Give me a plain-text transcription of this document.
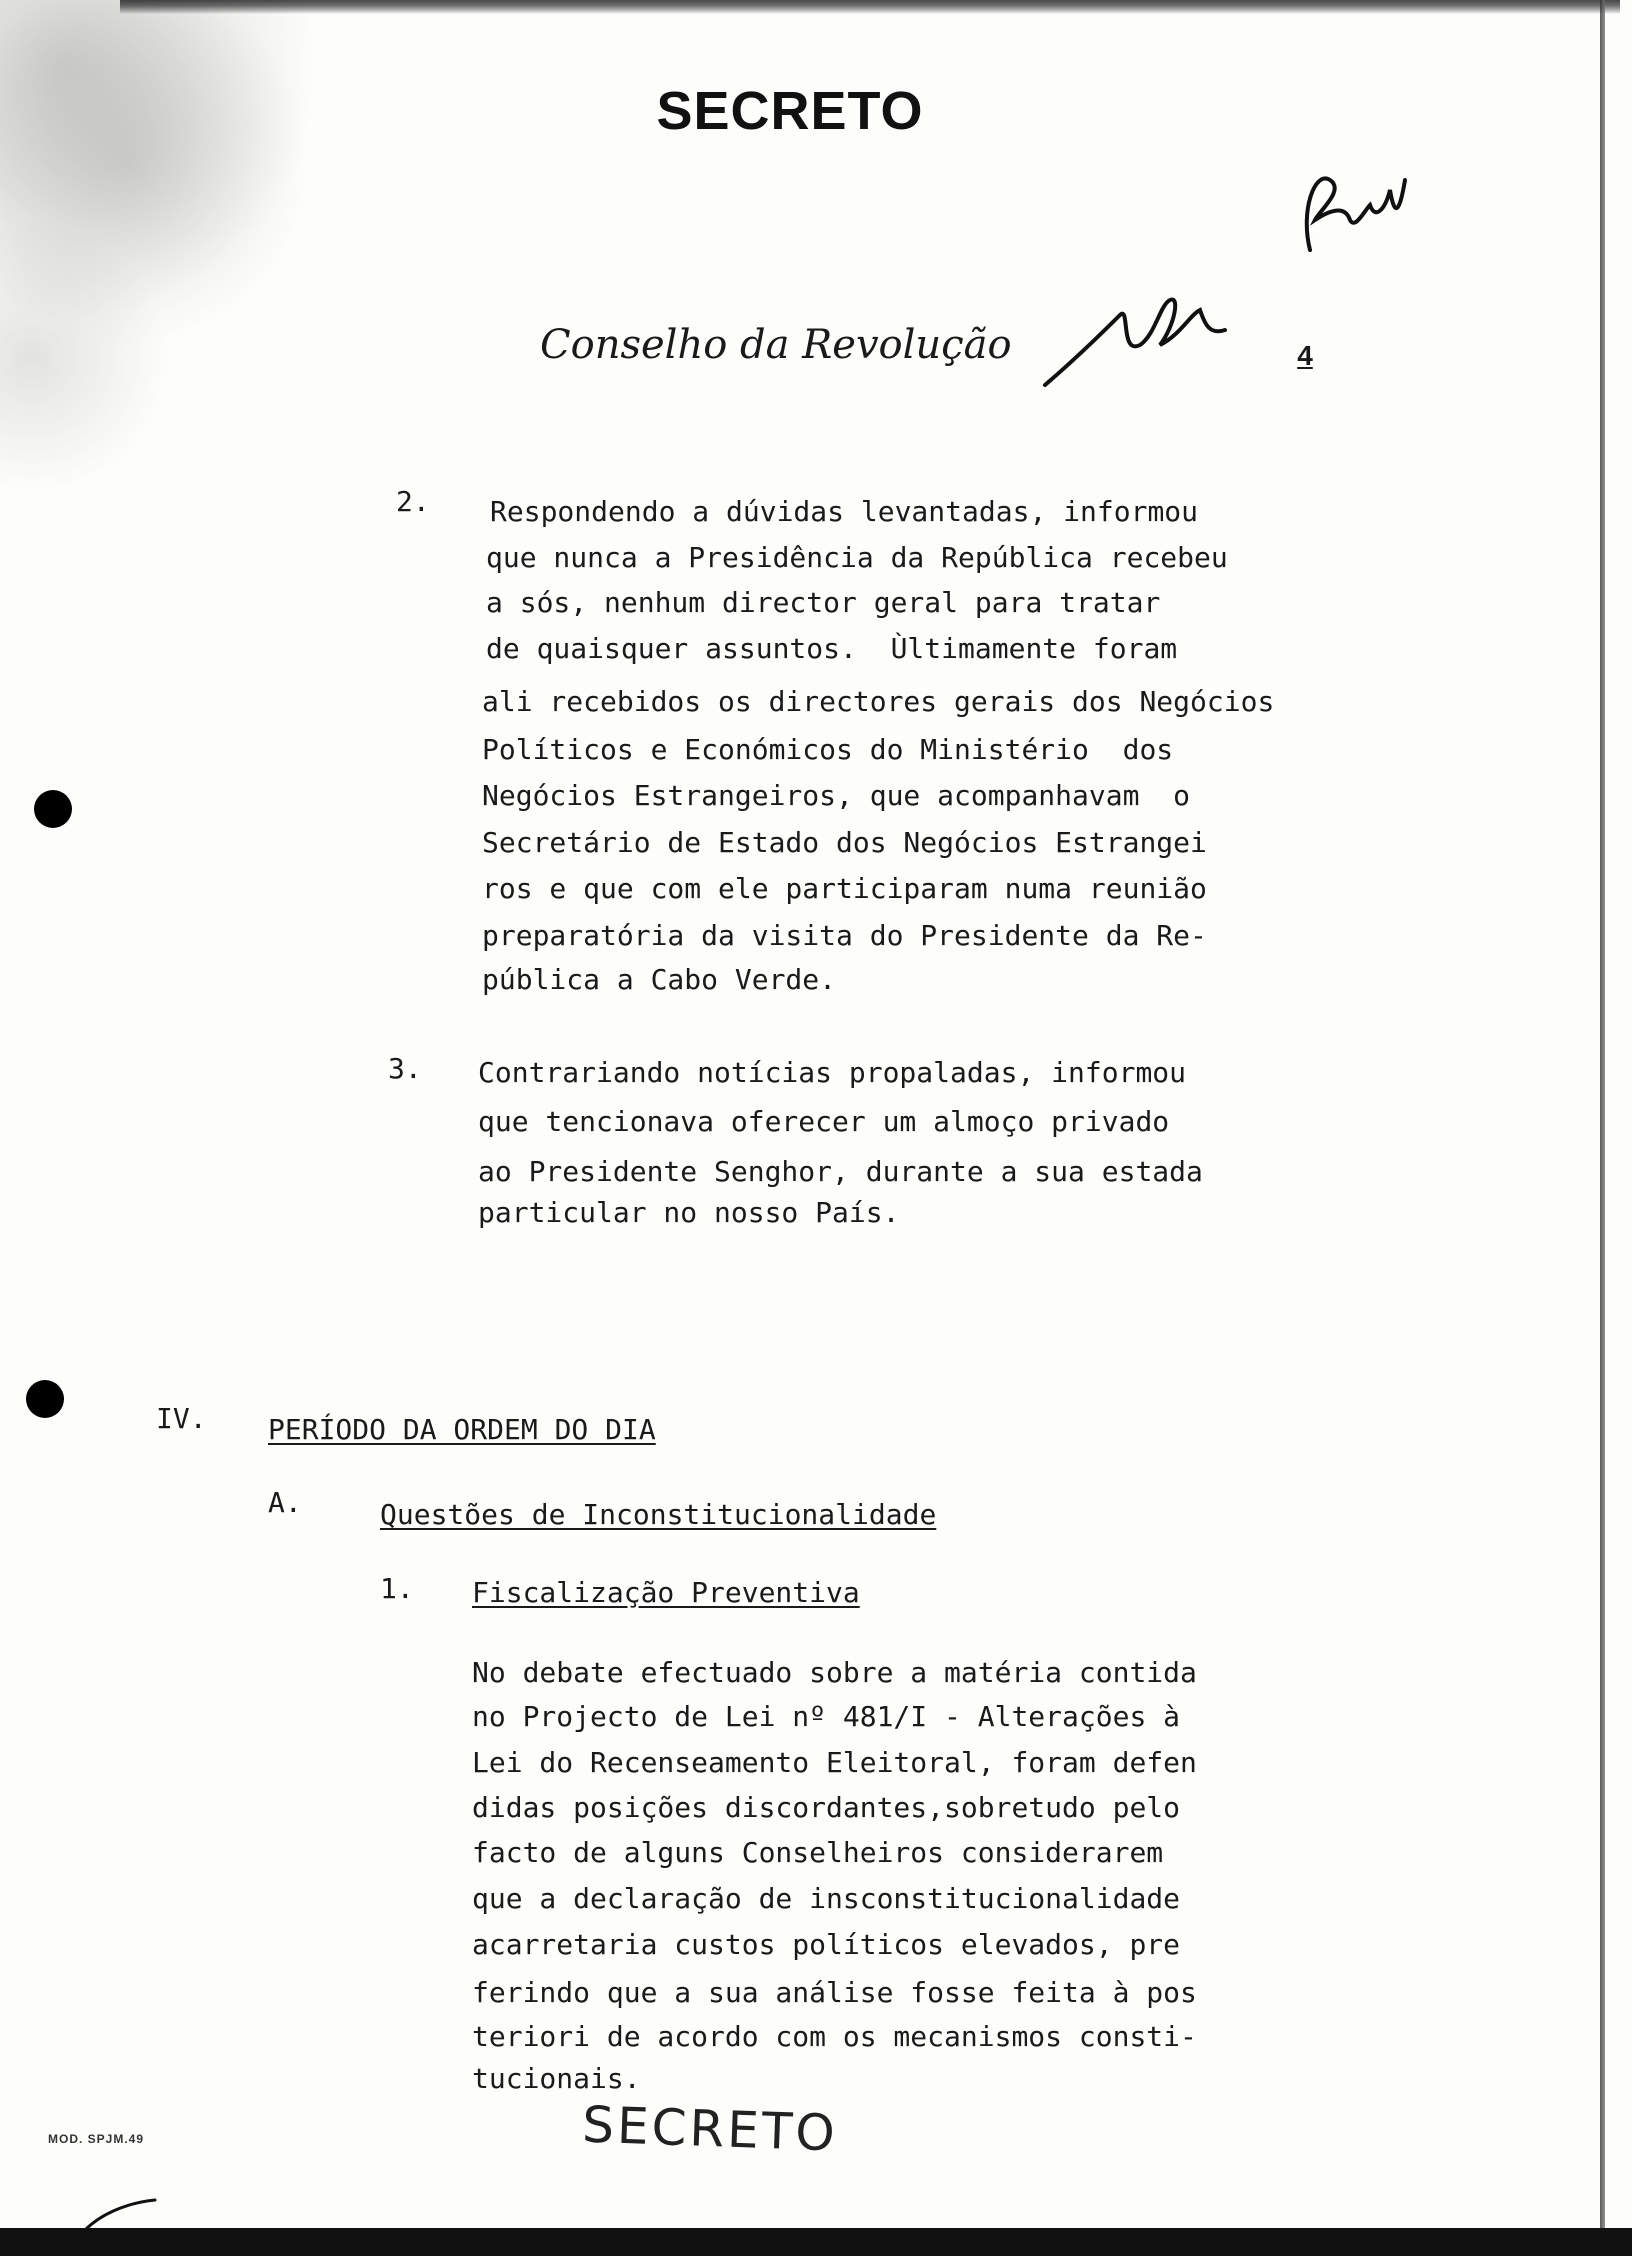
SECRETO
Conselho da Revolução	4
2. Respondendo a dúvidas levantadas, informou
que nunca a Presidência da República recebeu
a sós, nenhum director geral para tratar
de quaisquer assuntos.  Ùltimamente foram
ali recebidos os directores gerais dos Negócios
Políticos e Económicos do Ministério  dos
Negócios Estrangeiros, que acompanhavam  o
Secretário de Estado dos Negócios Estrangei
ros e que com ele participaram numa reunião
preparatória da visita do Presidente da Re-
pública a Cabo Verde.
3. Contrariando notícias propaladas, informou
que tencionava oferecer um almoço privado
ao Presidente Senghor, durante a sua estada
particular no nosso País.
IV. PERÍODO DA ORDEM DO DIA
A.	Questões de Inconstitucionalidade
1. Fiscalização Preventiva
No debate efectuado sobre a matéria contida
no Projecto de Lei nº 481/I - Alterações à
Lei do Recenseamento Eleitoral, foram defen
didas posições discordantes,sobretudo pelo
facto de alguns Conselheiros considerarem
que a declaração de insconstitucionalidade
acarretaria custos políticos elevados, pre
ferindo que a sua análise fosse feita à pos
teriori de acordo com os mecanismos consti-
tucionais.
MOD. SPJM.49	SECRETO
